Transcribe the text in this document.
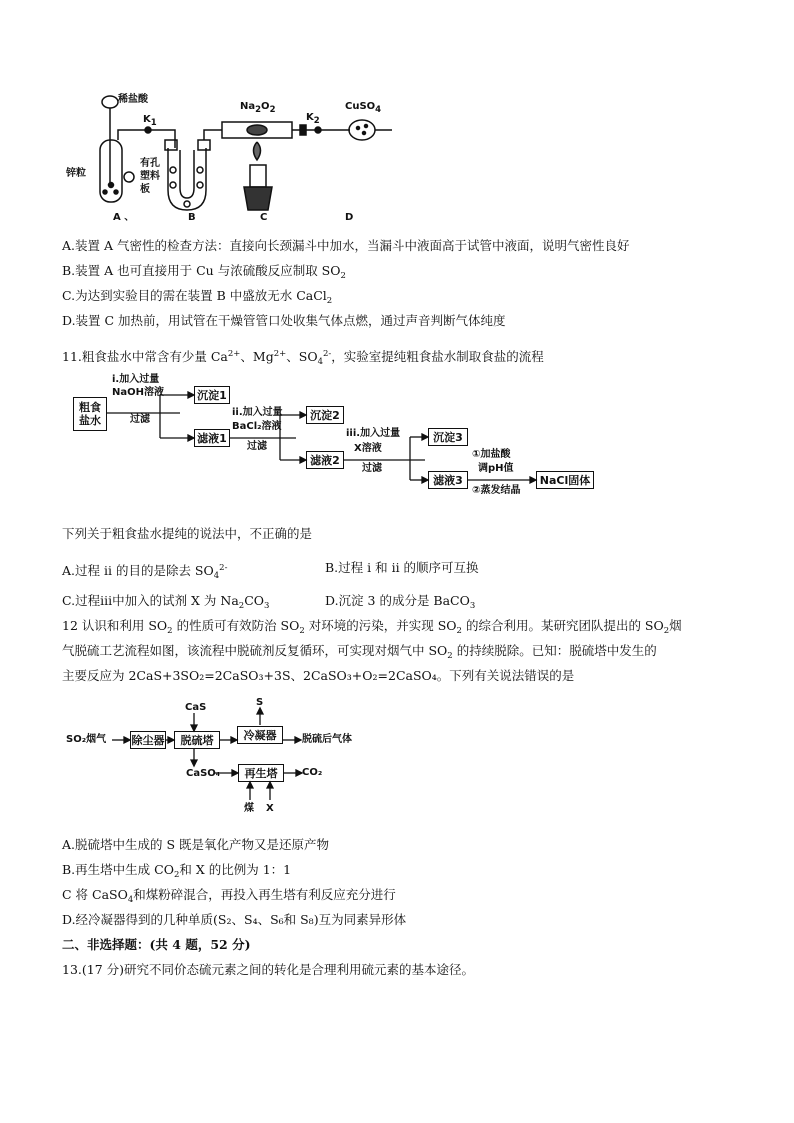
稀盐酸
$K_1$
锌粒
有孔
塑料
板
$Na_2O_2$
$K_2$
CuSO$_4$
A 、	B	C	D
A.装置 A 气密性的检查方法：直接向长颈漏斗中加水，当漏斗中液面高于试管中液面，说明气密性良好
B.装置 A 也可直接用于 Cu 与浓硫酸反应制取 $SO_2$
C.为达到实验目的需在装置 B 中盛放无水 CaCl$_2$
D.装置 C 加热前，用试管在干燥管管口处收集气体点燃，通过声音判断气体纯度
11.粗食盐水中常含有少量 $Ca^{2+}$、$Mg^{2+}$、$SO_4^{2-}$，实验室提纯粗食盐水制取食盐的流程
粗食盐水
i.加入过量
NaOH溶液
过滤
沉淀1
滤液1
ii.加入过量
BaCl₂溶液
过滤
沉淀2
滤液2
iii.加入过量
X溶液
过滤
沉淀3
滤液3
①加盐酸
调pH值
②蒸发结晶
NaCl固体
下列关于粗食盐水提纯的说法中，不正确的是
A.过程 ii 的目的是除去 $SO_4^{2-}$	B.过程 i 和 ii 的顺序可互换
C.过程iii中加入的试剂 X 为 $Na_2CO_3$	D.沉淀 3 的成分是 BaCO$_3$
12 认识和利用 $SO_2$ 的性质可有效防治 $SO_2$ 对环境的污染，并实现 $SO_2$ 的综合利用。某研究团队提出的 $SO_2$烟
气脱硫工艺流程如图，该流程中脱硫剂反复循环，可实现对烟气中 $SO_2$ 的持续脱除。已知：脱硫塔中发生的
主要反应为 2CaS+3SO₂=2CaSO₃+3S、2CaSO₃+O₂=2CaSO₄。下列有关说法错误的是
SO₂烟气 除尘器	脱硫塔	冷凝器	脱硫后气体
CaS	S
CaSO₄	再生塔	CO₂
煤 X
A.脱硫塔中生成的 S 既是氧化产物又是还原产物
B.再生塔中生成 $CO_2$和 X 的比例为 1：1
C 将 CaSO$_4$和煤粉碎混合，再投入再生塔有利反应充分进行
D.经冷凝器得到的几种单质(S₂、S₄、S₆和 S₈)互为同素异形体
二、非选择题：(共 4 题，52 分)
13.(17 分)研究不同价态硫元素之间的转化是合理利用硫元素的基本途径。
